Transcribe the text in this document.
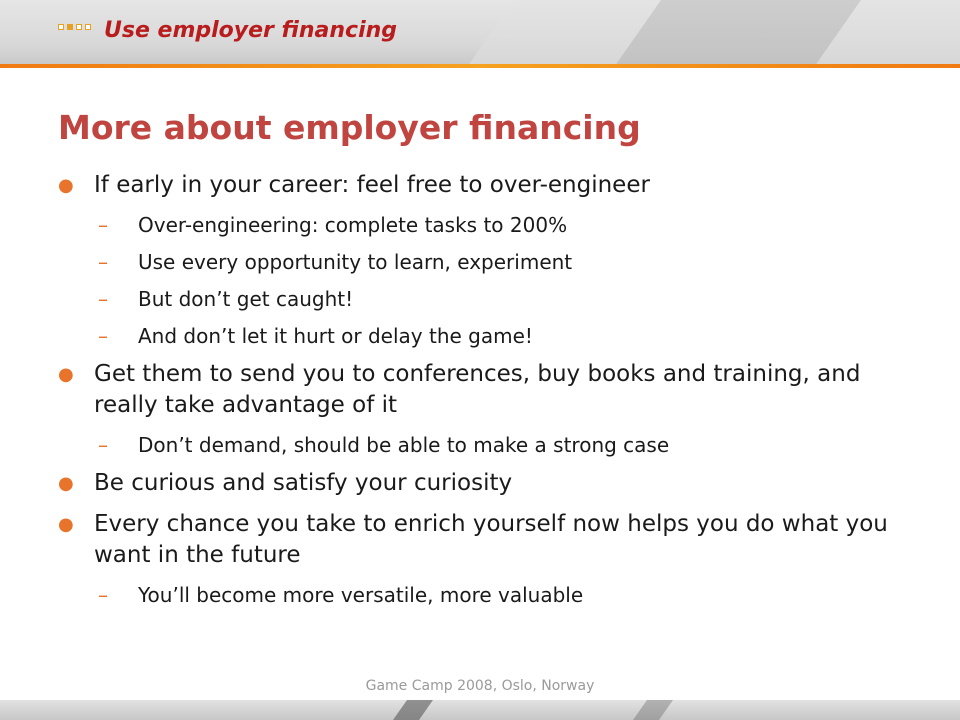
Use employer financing
More about employer financing
● If early in your career: feel free to over-engineer
– Over-engineering: complete tasks to 200%
– Use every opportunity to learn, experiment
– But don’t get caught!
– And don’t let it hurt or delay the game!
● Get them to send you to conferences, buy books and training, and really take advantage of it
– Don’t demand, should be able to make a strong case
● Be curious and satisfy your curiosity
● Every chance you take to enrich yourself now helps you do what you want in the future
– You’ll become more versatile, more valuable
Game Camp 2008, Oslo, Norway
